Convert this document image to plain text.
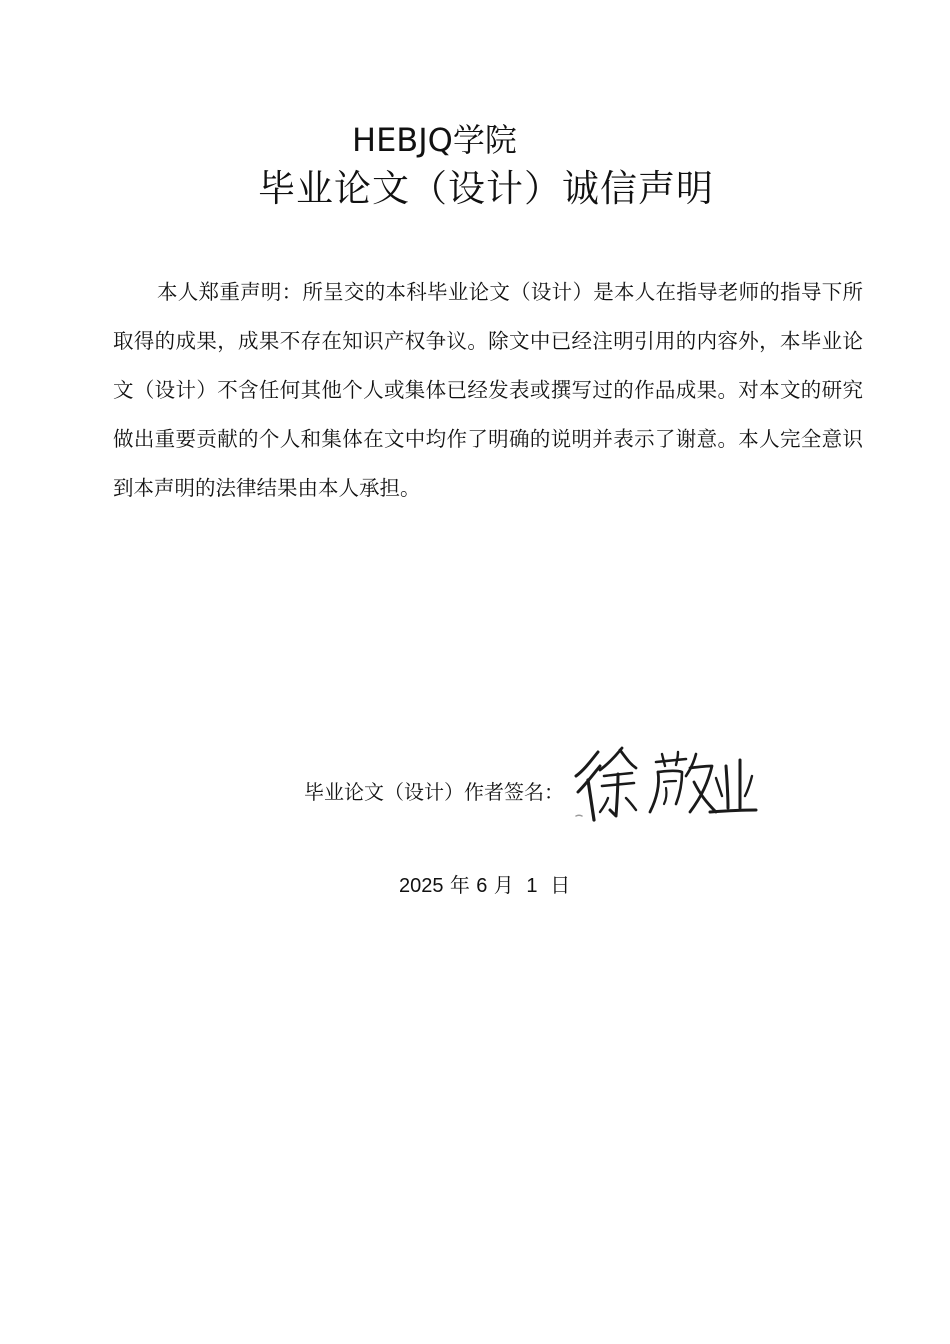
HEBJQ学院
毕业论文（设计）诚信声明

本人郑重声明：所呈交的本科毕业论文（设计）是本人在指导老师的指导下所取得的成果，成果不存在知识产权争议。除文中已经注明引用的内容外，本毕业论文（设计）不含任何其他个人或集体已经发表或撰写过的作品成果。对本文的研究做出重要贡献的个人和集体在文中均作了明确的说明并表示了谢意。本人完全意识到本声明的法律结果由本人承担。

毕业论文（设计）作者签名：
2025 年 6 月 1 日
